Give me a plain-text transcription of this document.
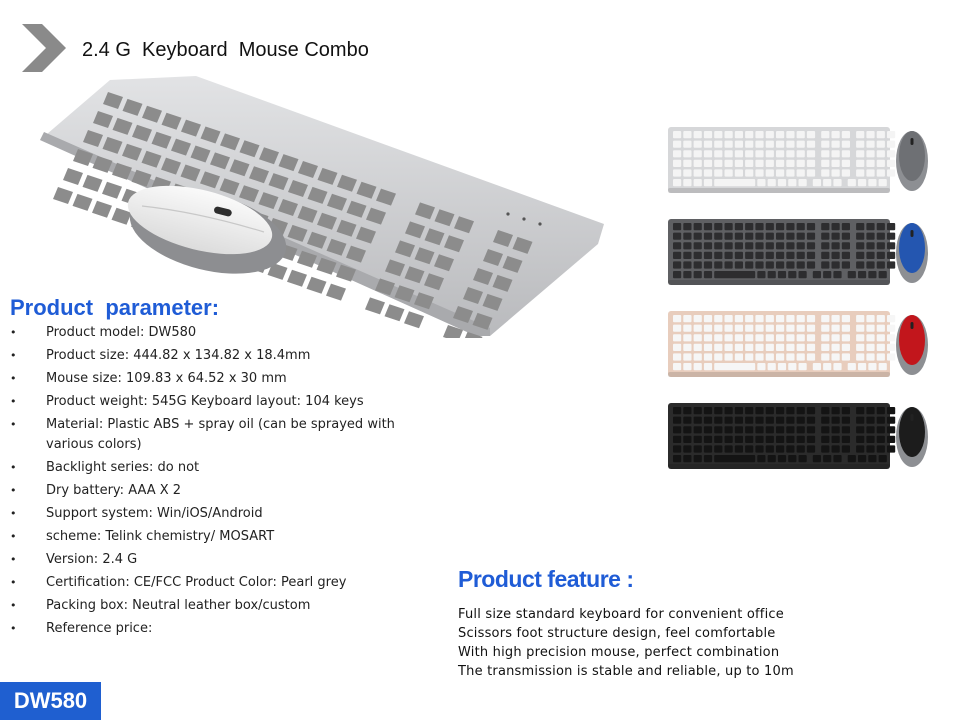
2.4 G  Keyboard  Mouse Combo
Product  parameter:
• Product model: DW580
• Product size: 444.82 x 134.82 x 18.4mm
• Mouse size: 109.83 x 64.52 x 30 mm
• Product weight: 545G Keyboard layout: 104 keys
• Material: Plastic ABS + spray oil (can be sprayed with various colors)
• Backlight series: do not
• Dry battery: AAA X 2
• Support system: Win/iOS/Android
• scheme: Telink chemistry/ MOSART
• Version: 2.4 G
• Certification: CE/FCC Product Color: Pearl grey
• Packing box: Neutral leather box/custom
• Reference price:
Product feature :
Full size standard keyboard for convenient office
Scissors foot structure design, feel comfortable
With high precision mouse, perfect combination
The transmission is stable and reliable, up to 10m
DW580
